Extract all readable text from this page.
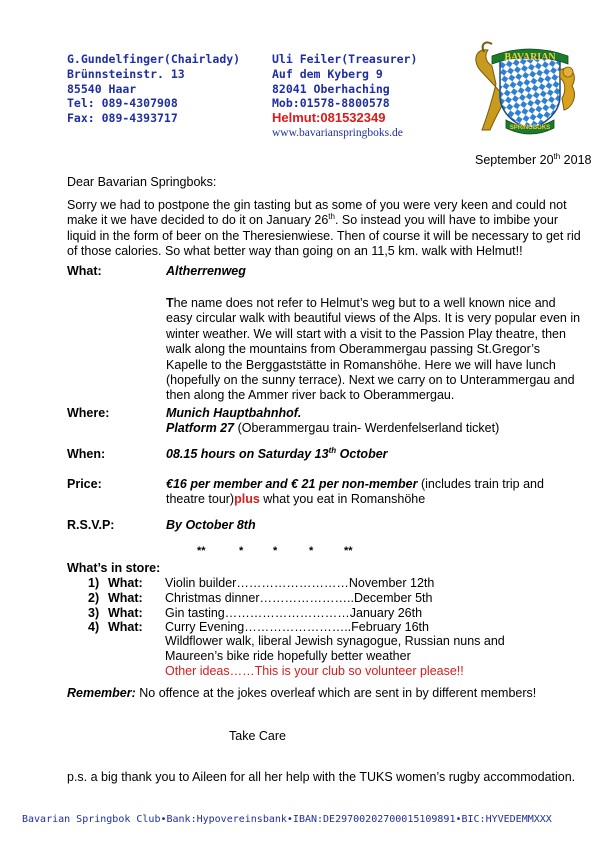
G.Gundelfinger(Chairlady)
Brünnsteinstr. 13
85540 Haar
Tel: 089-4307908
Fax: 089-4393717
Uli Feiler(Treasurer)
Auf dem Kyberg 9
82041 Oberhaching
Mob:01578-8800578
Helmut:081532349
www.bavarianspringboks.de
BAVARIAN
SPRINGBOKS
September 20th 2018
Dear Bavarian Springboks:
Sorry we had to postpone the gin tasting but as some of you were very keen and could not make it we have decided to do it on January 26th. So instead you will have to imbibe your liquid in the form of beer on the Theresienwiese. Then of course it will be necessary to get rid of those calories. So what better way than going on an 11,5 km. walk with Helmut!!
What:	Altherrenweg
The name does not refer to Helmut’s weg but to a well known nice and easy circular walk with beautiful views of the Alps. It is very popular even in winter weather. We will start with a visit to the Passion Play theatre, then walk along the mountains from Oberammergau passing St.Gregor’s Kapelle to the Berggaststätte in Romanshöhe. Here we will have lunch (hopefully on the sunny terrace). Next we carry on to Unterammergau and then along the Ammer river back to Oberammergau.
Where:	Munich Hauptbahnhof.
Platform 27 (Oberammergau train- Werdenfelserland ticket)
When:	08.15 hours on Saturday 13th October
Price:	€16 per member and € 21 per non-member (includes train trip and theatre tour)plus what you eat in Romanshöhe
R.S.V.P:	By October 8th
**	*	*	*	**
What’s in store:
1) What:	Violin builder………………………November 12th
2) What:	Christmas dinner…………………..December 5th
3) What:	Gin tasting…………………………January 26th
4) What:	Curry Evening……………………..February 16th
Wildflower walk, liberal Jewish synagogue, Russian nuns and Maureen’s bike ride hopefully better weather
Other ideas……This is your club so volunteer please!!
Remember: No offence at the jokes overleaf which are sent in by different members!
Take Care
p.s. a big thank you to Aileen for all her help with the TUKS women’s rugby accommodation.
Bavarian Springbok Club•Bank:Hypovereinsbank•IBAN:DE29700202700015109891•BIC:HYVEDEMMXXX
